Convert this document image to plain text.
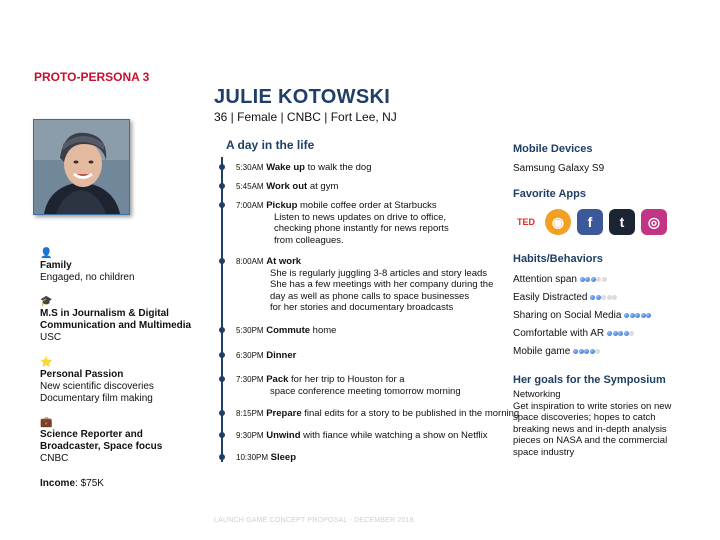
PROTO-PERSONA 3
JULIE KOTOWSKI
36 | Female | CNBC | Fort Lee, NJ
👤
Family
Engaged, no children
🎓
M.S in Journalism & Digital Communication and Multimedia
USC
⭐
Personal Passion
New scientific discoveries
Documentary film making
💼
Science Reporter and Broadcaster, Space focus
CNBC
Income: $75K
A day in the life
5:30AM Wake up to walk the dog
5:45AM Work out at gym
7:00AM Pickup mobile coffee order at Starbucks
Listen to news updates on drive to office,
checking phone instantly for news reports
from colleagues.
8:00AM At work
She is regularly juggling 3-8 articles and story leads
She has a few meetings with her company during the
day as well as phone calls to space businesses
for her stories and documentary broadcasts
5:30PM Commute home
6:30PM Dinner
7:30PM Pack for her trip to Houston for a
space conference meeting tomorrow morning
8:15PM Prepare final edits for a story to be published in the morning
9:30PM Unwind with fiance while watching a show on Netflix
10:30PM Sleep
Mobile Devices
Samsung Galaxy S9
Favorite Apps
TED	◉	f	t	◎
Habits/Behaviors
Attention span
Easily Distracted
Sharing on Social Media
Comfortable with AR
Mobile game
Her goals for the Symposium
Networking
Get inspiration to write stories on new space discoveries; hopes to catch breaking news and in-depth analysis pieces on NASA and the commercial space industry
LAUNCH GAME CONCEPT PROPOSAL - DECEMBER 2018
